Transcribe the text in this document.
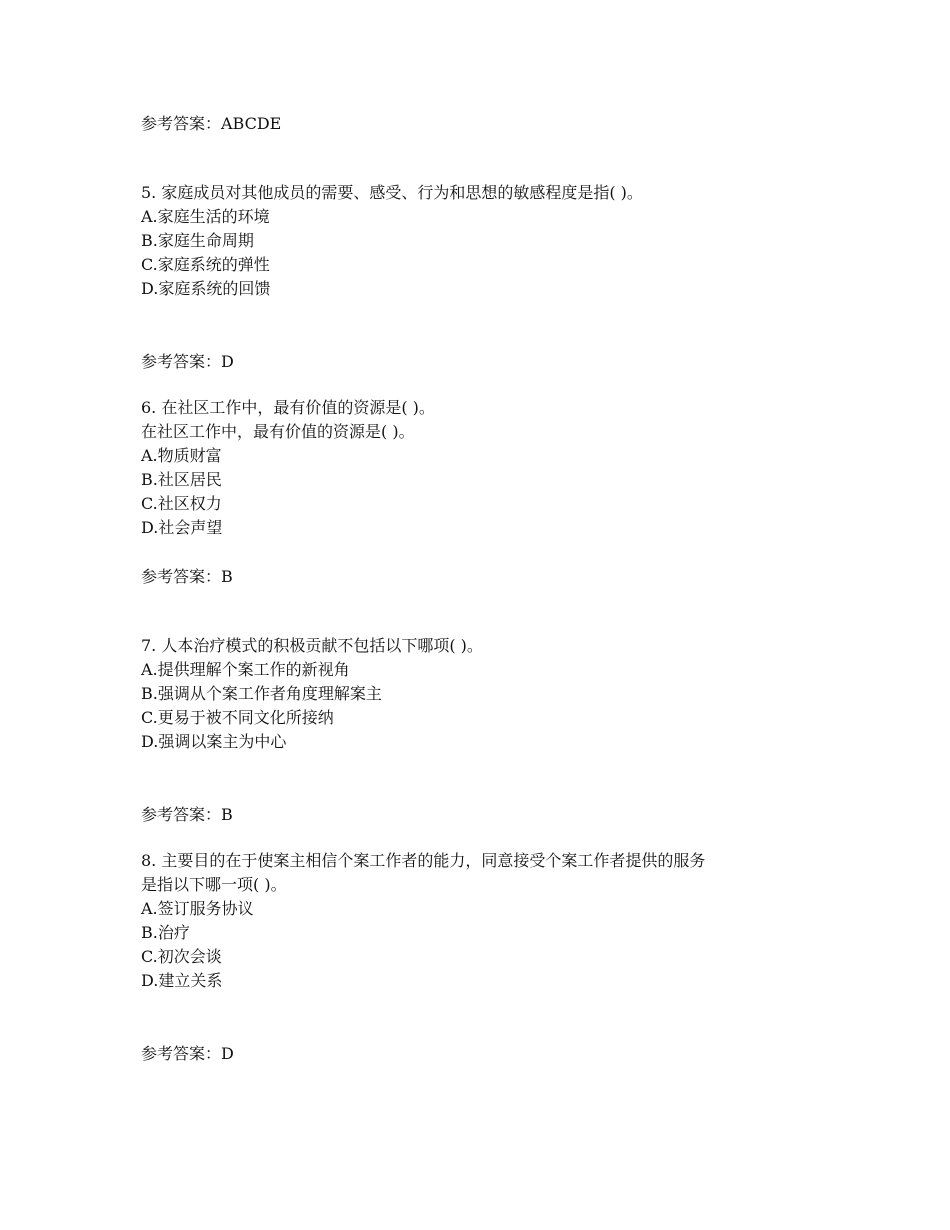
参考答案：ABCDE
5. 家庭成员对其他成员的需要、感受、行为和思想的敏感程度是指( )。
A.家庭生活的环境
B.家庭生命周期
C.家庭系统的弹性
D.家庭系统的回馈
参考答案：D
6. 在社区工作中，最有价值的资源是( )。
在社区工作中，最有价值的资源是( )。
A.物质财富
B.社区居民
C.社区权力
D.社会声望
参考答案：B
7. 人本治疗模式的积极贡献不包括以下哪项( )。
A.提供理解个案工作的新视角
B.强调从个案工作者角度理解案主
C.更易于被不同文化所接纳
D.强调以案主为中心
参考答案：B
8. 主要目的在于使案主相信个案工作者的能力，同意接受个案工作者提供的服务
是指以下哪一项( )。
A.签订服务协议
B.治疗
C.初次会谈
D.建立关系
参考答案：D
